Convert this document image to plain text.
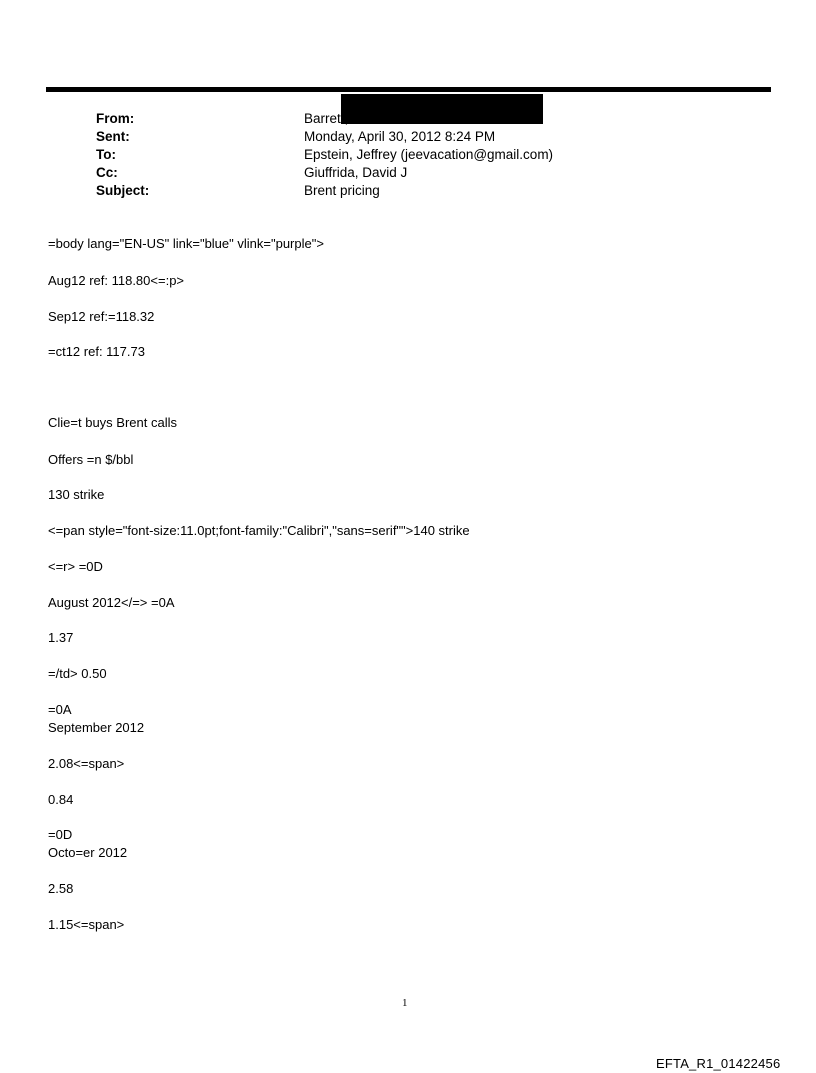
From:	Barrett, Paul S
Sent:	Monday, April 30, 2012 8:24 PM
To:	Epstein, Jeffrey (jeevacation@gmail.com)
Cc:	Giuffrida, David J
Subject:	Brent pricing
=body lang="EN-US" link="blue" vlink="purple">
Aug12 ref: 118.80<=:p>
Sep12 ref:=118.32
=ct12 ref: 117.73
Clie=t buys Brent calls
Offers =n $/bbl
130 strike
<=pan style="font-size:11.0pt;font-family:"Calibri","sans=serif"">140 strike
<=r> =0D
August 2012</=> =0A
1.37
=/td> 0.50
=0A
September 2012
2.08<=span>
0.84
=0D
Octo=er 2012
2.58
1.15<=span>
1
EFTA_R1_01422456
